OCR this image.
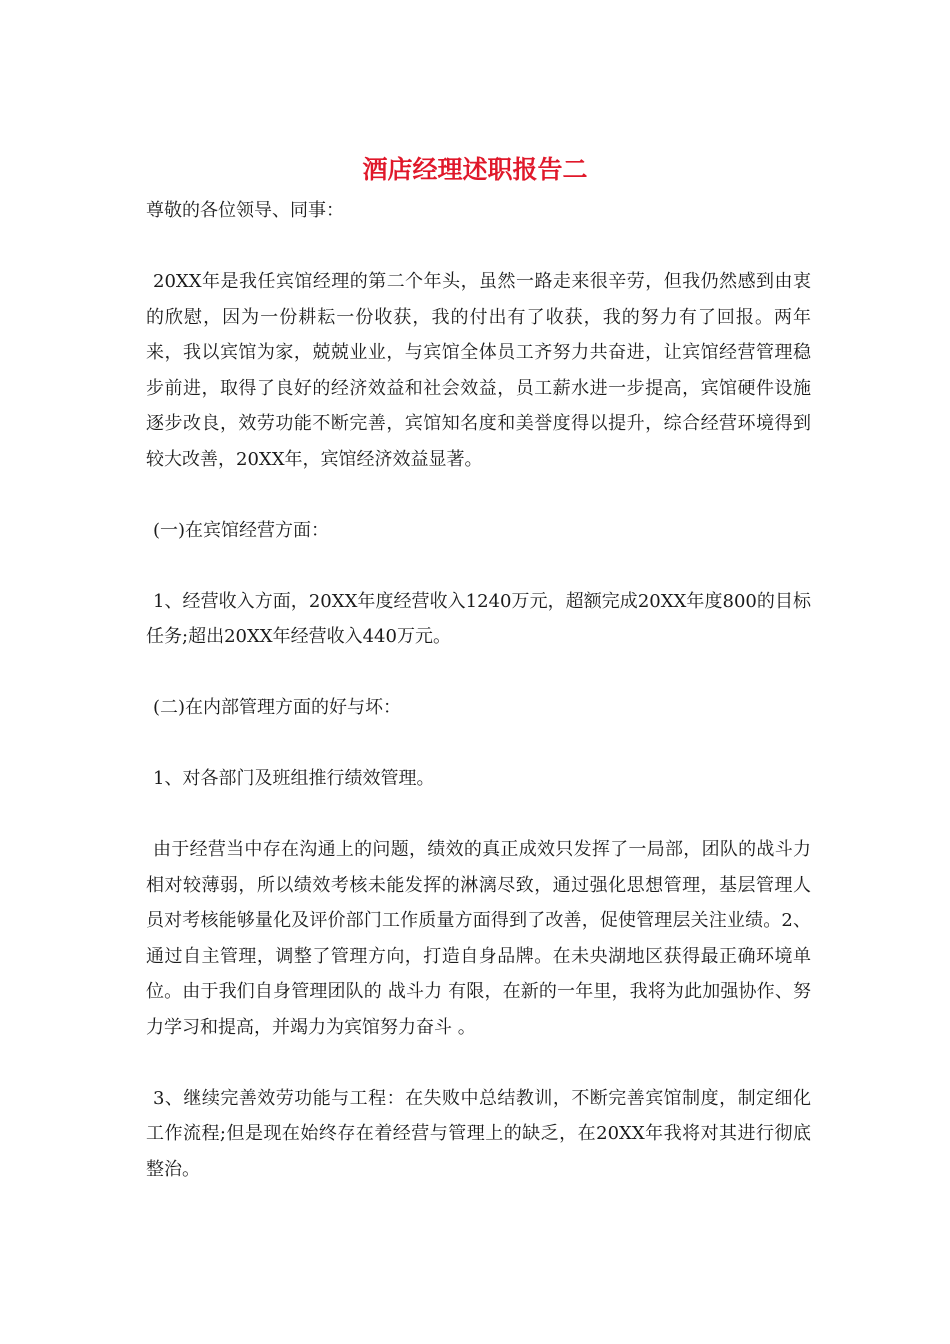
酒店经理述职报告二

尊敬的各位领导、同事：

20XX年是我任宾馆经理的第二个年头，虽然一路走来很辛劳，但我仍然感到由衷的欣慰，因为一份耕耘一份收获，我的付出有了收获，我的努力有了回报。两年来，我以宾馆为家，兢兢业业，与宾馆全体员工齐努力共奋进，让宾馆经营管理稳步前进，取得了良好的经济效益和社会效益，员工薪水进一步提高，宾馆硬件设施逐步改良，效劳功能不断完善，宾馆知名度和美誉度得以提升，综合经营环境得到较大改善，20XX年，宾馆经济效益显著。

(一)在宾馆经营方面：

1、经营收入方面，20XX年度经营收入1240万元，超额完成20XX年度800的目标任务;超出20XX年经营收入440万元。

(二)在内部管理方面的好与坏：

1、对各部门及班组推行绩效管理。

由于经营当中存在沟通上的问题，绩效的真正成效只发挥了一局部，团队的战斗力相对较薄弱，所以绩效考核未能发挥的淋漓尽致，通过强化思想管理，基层管理人员对考核能够量化及评价部门工作质量方面得到了改善，促使管理层关注业绩。2、通过自主管理，调整了管理方向，打造自身品牌。在未央湖地区获得最正确环境单位。由于我们自身管理团队的 战斗力 有限，在新的一年里，我将为此加强协作、努力学习和提高，并竭力为宾馆努力奋斗 。

3、继续完善效劳功能与工程：在失败中总结教训，不断完善宾馆制度，制定细化工作流程;但是现在始终存在着经营与管理上的缺乏，在20XX年我将对其进行彻底整治。
